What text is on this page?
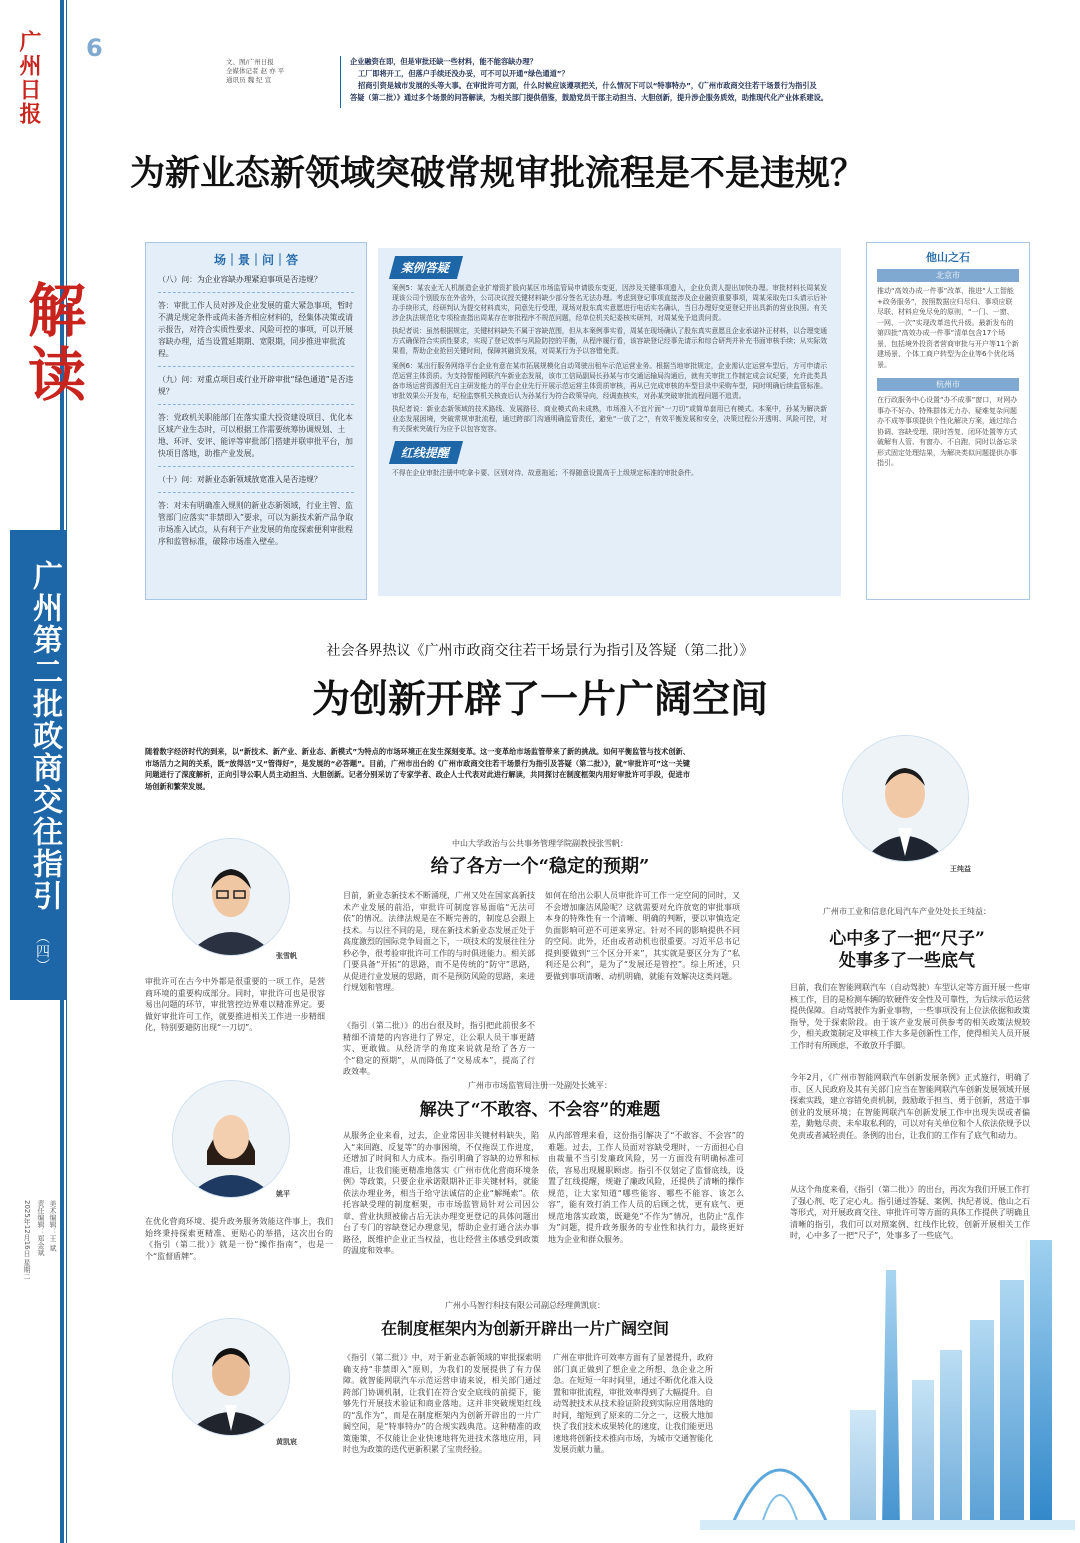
广州日报 6	文、图/广州日报
全媒体记者 赵 亦 平
通讯员 魏 纪 宣
企业融资在即，但是审批还缺一些材料，能不能容缺办理？
工厂即将开工，但落户手续还没办妥，可不可以开通“绿色通道”？
招商引资是城市发展的头等大事。在审批许可方面，什么时候应该遵项把关，什么情况下可以“特事特办”，《广州市政商交往若干场景行为指引及
答疑（第二批）》通过多个场景的问答解读，为相关部门提供借鉴，鼓励党员干部主动担当、大胆创新，提升涉企服务质效，助推现代化产业体系建设。
为新业态新领域突破常规审批流程是不是违规？
解读
广州第二批政商交往指引
（四）
2025年12月16日 星期二 责任编辑：郑金斌 美术编辑：王 斌
场｜景｜问｜答
（八）问：为企业容缺办理紧迫事项是否违规？
答：审批工作人员对涉及企业发展的重大紧急事项，暂时不满足规定条件或尚未备齐相应材料的，经集体决策或请示报告，对符合实质性要求、风险可控的事项，可以开展容缺办理，适当设置延期期、宽限期，同步推进审批流程。
（九）问：对重点项目或行业开辟审批“绿色通道”是否违规？
答：党政机关职能部门在落实重大投资建设项目、优化本区域产业生态时，可以根据工作需要统筹协调规划、土地、环评、安评、能评等审批部门搭建并联审批平台，加快项目落地，助推产业发展。
（十）问：对新业态新领域放宽准入是否违规？
答：对未有明确准入规则的新业态新领域，行业主管、监管部门应落实“非禁即入”要求，可以为新技术新产品争取市场准入试点，从有利于产业发展的角度探索便利审批程序和监管标准，破除市场准入壁垒。
案例答疑
案例5：某农业无人机制造企业扩增资扩股向某区市场监管局申请股东变更，因涉及关键事项遗入，企业负责人提出加快办理。审批材料长周某发现该公司个别股东在外省外，公司决议授关键材料缺少部分签名无法办理。考虑到登记事项直接涉及企业融资重要事项，周某采取先口头请示后补办手续形式，经研判认为提交材料真实，同意先行受理，现场对股东真实意愿进行电话实名确认，当日办理好变更登记并出具新的营业执照。有关涉企执法规范化专项检查指出周某存在审批程序不规范问题，经单位机关纪委核实研判，对周某免予追责问责。
执纪者说：虽然根据规定，关键材料缺失不属于容缺范围，但从本案例事实看，周某在现场确认了股东真实意愿且企业承诺补正材料，以合理变通方式确保符合实质性要求，实现了登记效率与风险防控的平衡，从程序履行看，该容缺登记经事先请示和综合研判并补充书面审核手续；从实际效果看，帮助企业抢回关键时间，保障其融资发展，对周某行为予以容错免责。
案例6：某出行服务网络平台企业有意在某市拓展规模化自动驾驶出租车示范运营业务。根据当地审批规定，企业需认定运营车型后，方可申请示范运营主体资质。为支持智能网联汽车新业态发展，该市工信局副局长孙某与市交通运输局沟通后，就有关审批工作制定成会议纪要，允许此类具备市场运营资源但无自主研发能力的平台企业先行开展示范运营主体资质审核，再从已完成审核的车型目录中采购车型，同时明确后续监管标准。审批效果公开发布，纪检监察机关核查后认为孙某行为符合政策导向，经调查核实，对孙某突破审批流程问题不追责。
执纪者说：新业态新领域的技术路线、发展路径、商业模式尚未成熟，市场准入不宜片面“一刀切”或简单套用已有模式。本案中，孙某为解决新业态发展困境，突破常规审批流程，通过跨部门沟通明确监管责任，避免“一放了之”，有效平衡发展和安全，决策过程公开透明、风险可控，对有关探索突破行为应予以包容宽容。
红线提醒
不得在企业审批注册中吃拿卡要、区别对待、故意拖延；不得随意设置高于上级规定标准的审批条件。
他山之石
北京市
推动“高效办成一件事”改革，推进“人工智能+政务服务”，按照数据应归尽归、事项应联尽联、材料应免尽免的原则，“一门、一窗、一网、一次”实现改革迭代升级。最新发布的第四批“高效办成一件事”清单包含17个场景，包括境外投资者营商审批与开户等11个新建场景、个体工商户转型为企业等6个优化场景。
杭州市
在行政服务中心设置“办不成事”窗口，对网办事办不好办、特殊群体无力办、疑难复杂问题办不成等事项提供个性化解决方案，通过综合协调、容缺受理、限时答复、闭环处置等方式破解有人管、有窗办、不自跑，同时以备忘录形式固定处理结果，为解决类似问题提供办事指引。
社会各界热议《广州市政商交往若干场景行为指引及答疑（第二批）》
为创新开辟了一片广阔空间
随着数字经济时代的到来，以“新技术、新产业、新业态、新模式”为特点的市场环境正在发生深刻变革。这一变革给市场监管带来了新的挑战。如何平衡监管与技术创新、市场活力之间的关系，既“放得活”又“管得好”，是发展的“必答题”。目前，广州市出台的《广州市政商交往若干场景行为指引及答疑（第二批）》，就“审批许可”这一关键问题进行了深度解析，正向引导公职人员主动担当、大胆创新。记者分别采访了专家学者、政企人士代表对此进行解读，共同探讨在制度框架内用好审批许可手段，促进市场创新和繁荣发展。
王纯益
中山大学政治与公共事务管理学院副教授张雪帆：
给了各方一个“稳定的预期”
张雪帆
审批许可在古今中外都是很重要的一项工作，是营商环境的重要构成部分。同时，审批许可也是很容易出问题的环节，审批管控边界难以精准界定。要做好审批许可工作，就要推进相关工作进一步精细化，特别要避防出现“一刀切”。
目前，新业态新技术不断涌现，广州又处在国家高新技术产业发展的前沿，审批许可制度容易面临“无法可依”的情况。法律法规是在不断完善的，制度总会跟上技术。与以往不同的是，现在新技术新业态发展正处于高度激烈的国际竞争局面之下，一项技术的发展往往分秒必争，很考验审批许可工作的与时俱进能力。相关部门要具备“开拓”的思路，而不是传统的“防守”思路，从促进行业发展的思路，而不是预防风险的思路，来进行规划和管理。
《指引（第二批）》的出台很及时，指引把此前很多不精细不清楚的内容进行了界定，让公职人员干事更踏实、更敢做。从经济学的角度来说就是给了各方一个“稳定的预期”，从而降低了“交易成本”，提高了行政效率。
如何在给出公职人员审批许可工作一定空间的同时，又不会增加廉洁风险呢？这就需要对允许放宽的审批事项本身的特殊性有一个清晰、明确的判断，要以审慎选定负面影响可逆不可逆来界定。针对不同的影响提供不同的空间。此外，还由或者动机也很重要。习近平总书记提到要做到“三个区分开来”，其实就是要区分为了“私利还是公利”，是为了“发展还是管控”。综上所述，只要做到事项清晰、动机明确，就能有效解决这类问题。
广州市工业和信息化局汽车产业处处长王纯益：
心中多了一把“尺子”
处事多了一些底气
目前，我们在智能网联汽车（自动驾驶）车型认定等方面开展一些审核工作，目的是检测车辆的软硬件安全性及可靠性，为后续示范运营提供保障。自动驾驶作为新业事物，一些事项没有上位法依据和政策指导，处于探索阶段。由于该产业发展可供参考的相关政策法规较少，相关政策制定及审核工作大多是创新性工作，使得相关人员开展工作时有所顾虑，不敢放开手脚。
今年2月，《广州市智能网联汽车创新发展条例》正式施行，明确了市、区人民政府及其有关部门应当在智能网联汽车创新发展领域开展探索实践，建立容错免责机制，鼓励敢于担当、勇于创新，营造干事创业的发展环境；在智能网联汽车创新发展工作中出现失误或者偏差，勤勉尽责、未牟取私利的，可以对有关单位和个人依法依规予以免责或者减轻责任。条例的出台，让我们的工作有了底气和动力。
从这个角度来看，《指引（第二批）》的出台，再次为我们开展工作打了强心剂、吃了定心丸。指引通过答疑、案例、执纪者说、他山之石等形式，对开展政商交往、审批许可等方面的具体工作提供了明确且清晰的指引，我们可以对照案例、红线作比较，创新开展相关工作时，心中多了一把“尺子”，处事多了一些底气。
广州市市场监管局注册一处副处长姚平：
解决了“不敢容、不会容”的难题
姚平
在优化营商环境、提升政务服务效能这件事上，我们始终秉持探索更精准、更贴心的举措，这次出台的《指引（第二批）》就是一份“操作指南”，也是一个“监督盾牌”。
从服务企业来看，过去，企业常因非关键材料缺失，陷入“来回跑、反复等”的办事困境，不仅拖误工作进度，还增加了时间和人力成本。指引明确了容缺的边界和标准后，让我们能更精准地落实《广州市优化营商环境条例》等政策，只要企业承诺限期补正非关键材料，就能依法办理业务，相当于给守法诚信的企业“解绳索”。依托容缺受理的制度框架，市市场监管局针对公司因公章、营业执照被偷占后无法办理变更登记的具体问题出台了专门的容缺登记办理意见，帮助企业打通合法办事路径，既维护企业正当权益，也让经营主体感受到政策的温度和效率。
从内部管理来看，这份指引解决了“不敢容、不会容”的难题。过去，工作人员面对容缺受理时，一方面担心自由裁量不当引发廉政风险，另一方面没有明确标准可依，容易出现履职顾虑。指引不仅划定了监督底线，设置了红线提醒，规避了廉政风险，还提供了清晰的操作规范，让大家知道“哪些能容、哪些不能容、该怎么容”，能有效打消工作人员的后顾之忧，更有底气、更规范地落实政策，既避免“不作为”情况，也防止“乱作为”问题，提升政务服务的专业性和执行力，最终更好地为企业和群众服务。
广州小马智行科技有限公司副总经理黄凯宸：
在制度框架内为创新开辟出一片广阔空间
黄凯宸
《指引（第二批）》中，对于新业态新领域的审批探索明确支持“非禁即入”原则，为我们的发展提供了有力保障。就智能网联汽车示范运营申请来说，相关部门通过跨部门协调机制，让我们在符合安全底线的前提下，能够先行开展技术验证和商业落地。这并非突破规矩红线的“乱作为”，而是在制度框架内为创新开辟出的一片广阔空间，是“特事特办”的合规实践典范。这种精准的政策施策，不仅能让企业快速地将先进技术落地应用，同时也为政策的迭代更新积累了宝贵经验。
广州在审批许可效率方面有了显著提升，政府部门真正做到了想企业之所想、急企业之所急。在短短一年时间里，通过不断优化准入设置和审批流程，审批效率得到了大幅提升。自动驾驶技术从技术验证阶段到实际应用落地的时间，缩短到了原来的二分之一，这极大地加快了我们技术成果转化的速度，让我们能更迅速地将创新技术推向市场，为城市交通智能化发展贡献力量。
